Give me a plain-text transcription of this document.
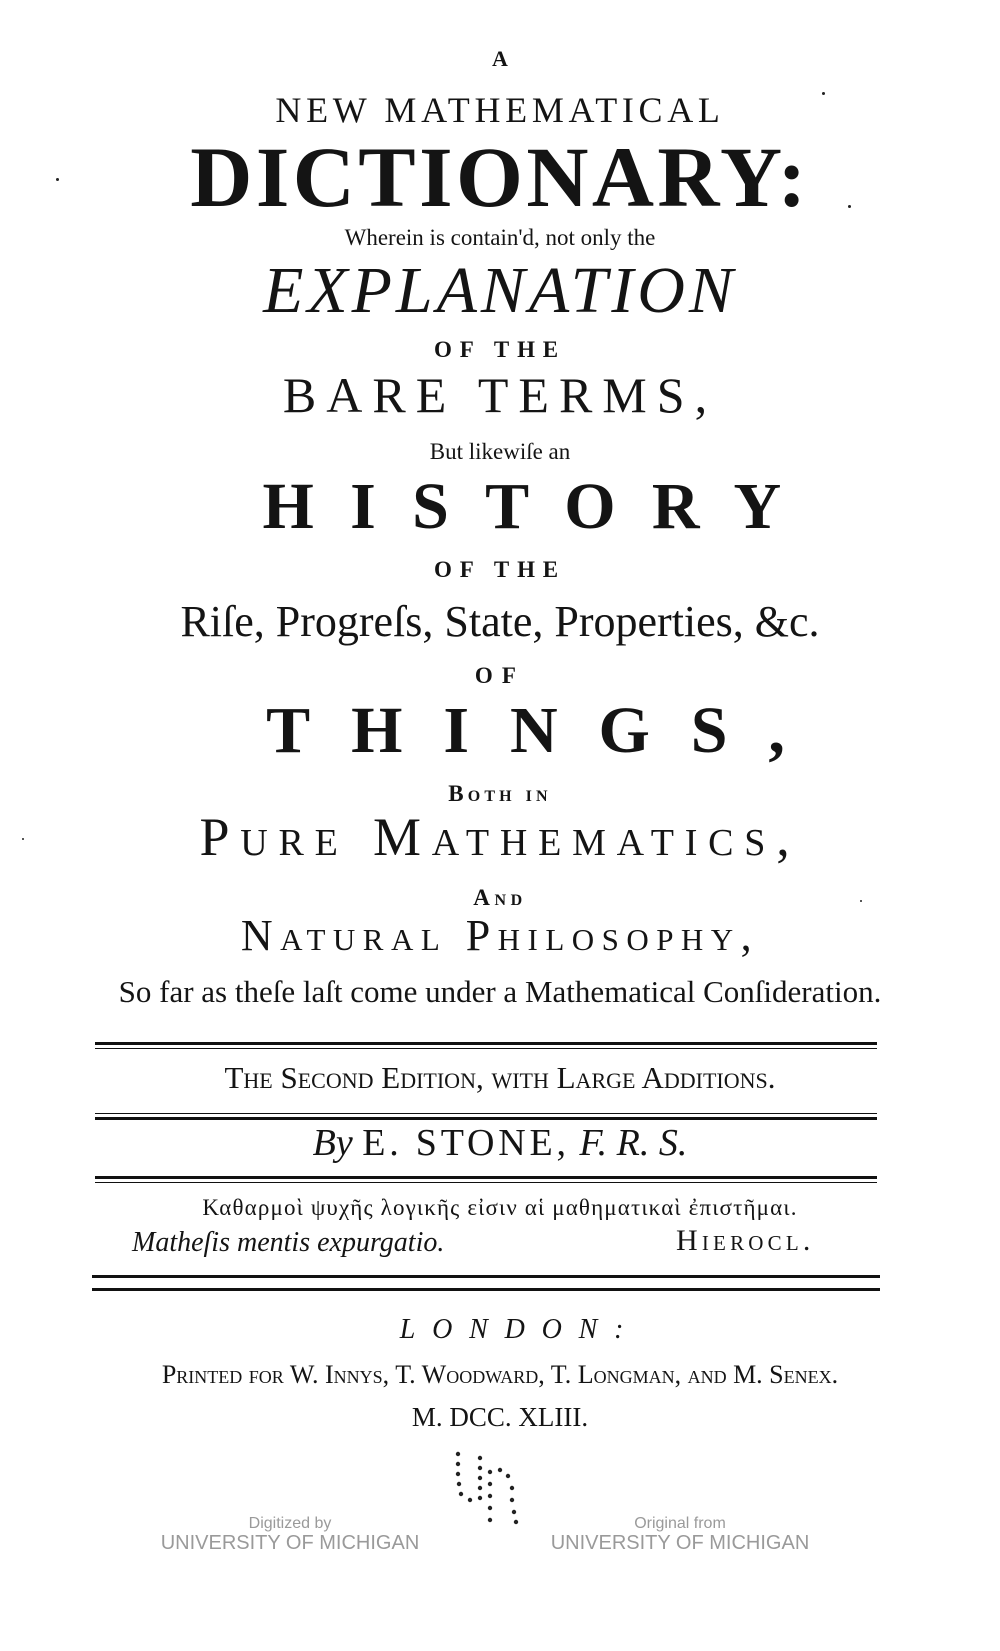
A
NEW MATHEMATICAL
DICTIONARY:
Wherein is contain'd, not only the
EXPLANATION
OF THE
BARE TERMS,
But likewiſe an
HISTORY
OF THE
Riſe, Progreſs, State, Properties, &c.
OF
THINGS,
Both in
Pure Mathematics,
And
Natural Philosophy,
So far as theſe laſt come under a Mathematical Conſideration.
The Second Edition, with Large Additions.
By E. STONE, F. R. S.
Καθαρμοὶ ψυχῆς λογικῆς εἰσιν αἱ μαθηματικαὶ ἐπιστῆμαι.
Matheſis mentis expurgatio.	Hierocl.
LONDON:
Printed for W. Innys, T. Woodward, T. Longman, and M. Senex.
M. DCC. XLIII.
Digitized by
UNIVERSITY OF MICHIGAN
Original from
UNIVERSITY OF MICHIGAN
